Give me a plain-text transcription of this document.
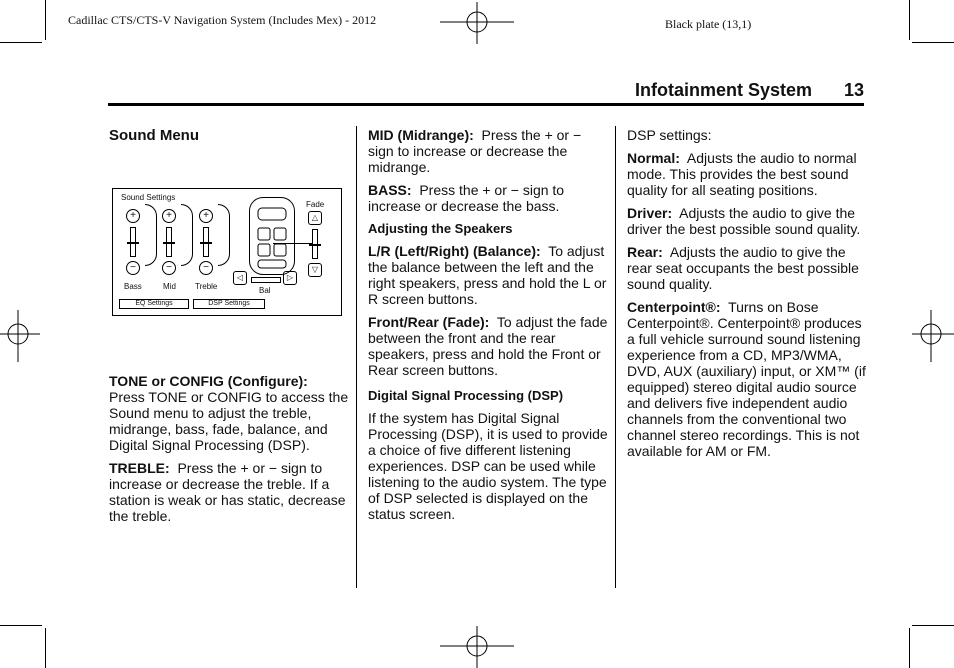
Cadillac CTS/CTS-V Navigation System (Includes Mex) - 2012	Black plate (13,1)
Infotainment System 13
Sound Menu
Sound Settings
+
−
Bass
+
−
Mid
+
−
Treble
Fade
△
▽
◁	▷
Bal
EQ Settings	DSP Settings

TONE or CONFIG (Configure):
Press TONE or CONFIG to access the Sound menu to adjust the treble, midrange, bass, fade, balance, and Digital Signal Processing (DSP).

TREBLE: Press the + or − sign to increase or decrease the treble. If a station is weak or has static, decrease the treble.

MID (Midrange): Press the + or − sign to increase or decrease the midrange.

BASS: Press the + or − sign to increase or decrease the bass.

Adjusting the Speakers

L/R (Left/Right) (Balance): To adjust the balance between the left and the right speakers, press and hold the L or R screen buttons.

Front/Rear (Fade): To adjust the fade between the front and the rear speakers, press and hold the Front or Rear screen buttons.

Digital Signal Processing (DSP)

If the system has Digital Signal Processing (DSP), it is used to provide a choice of five different listening experiences. DSP can be used while listening to the audio system. The type of DSP selected is displayed on the status screen.

DSP settings:

Normal: Adjusts the audio to normal mode. This provides the best sound quality for all seating positions.

Driver: Adjusts the audio to give the driver the best possible sound quality.

Rear: Adjusts the audio to give the rear seat occupants the best possible sound quality.

Centerpoint®: Turns on Bose Centerpoint®. Centerpoint® produces a full vehicle surround sound listening experience from a CD, MP3/WMA, DVD, AUX (auxiliary) input, or XM™ (if equipped) stereo digital audio source and delivers five independent audio channels from the conventional two channel stereo recordings. This is not available for AM or FM.
